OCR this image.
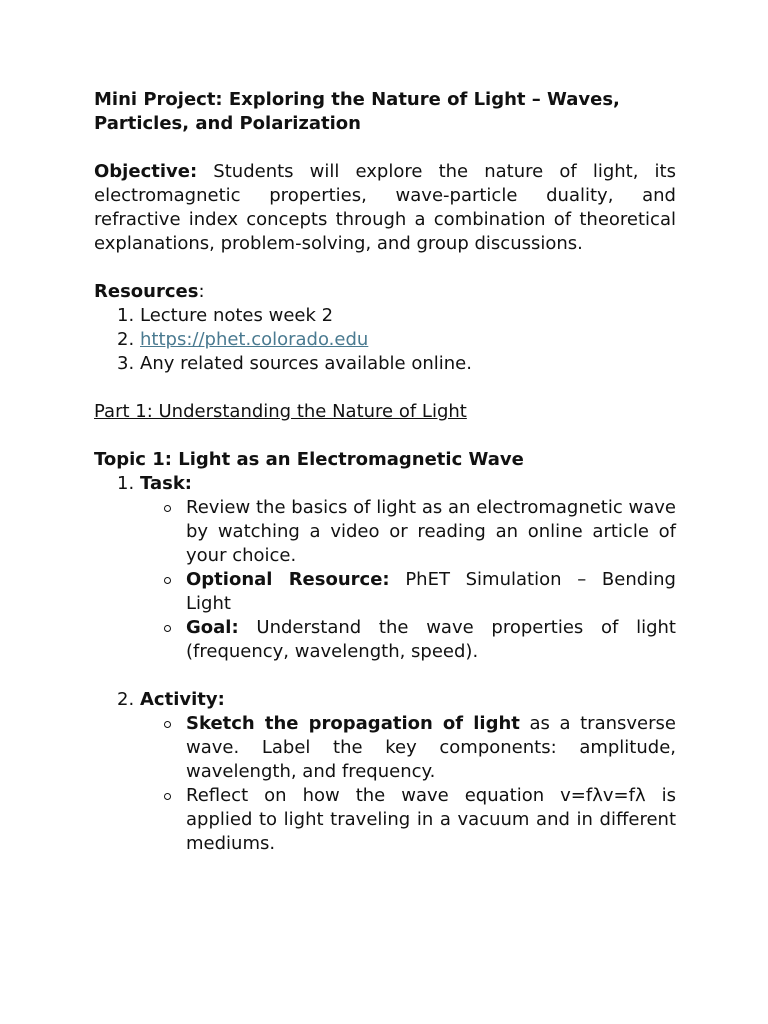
Mini Project: Exploring the Nature of Light – Waves, Particles, and Polarization

Objective: Students will explore the nature of light, its electromagnetic properties, wave-particle duality, and refractive index concepts through a combination of theoretical explanations, problem-solving, and group discussions.

Resources:
1. Lecture notes week 2
2. https://phet.colorado.edu
3. Any related sources available online.
Part 1: Understanding the Nature of Light
Topic 1: Light as an Electromagnetic Wave
1. Task:
Review the basics of light as an electromagnetic wave by watching a video or reading an online article of your choice.
Optional Resource: PhET Simulation – Bending Light
Goal: Understand the wave properties of light (frequency, wavelength, speed).
2. Activity:
Sketch the propagation of light as a transverse wave. Label the key components: amplitude, wavelength, and frequency.
Reflect on how the wave equation v=fλv=fλ is applied to light traveling in a vacuum and in different mediums.
